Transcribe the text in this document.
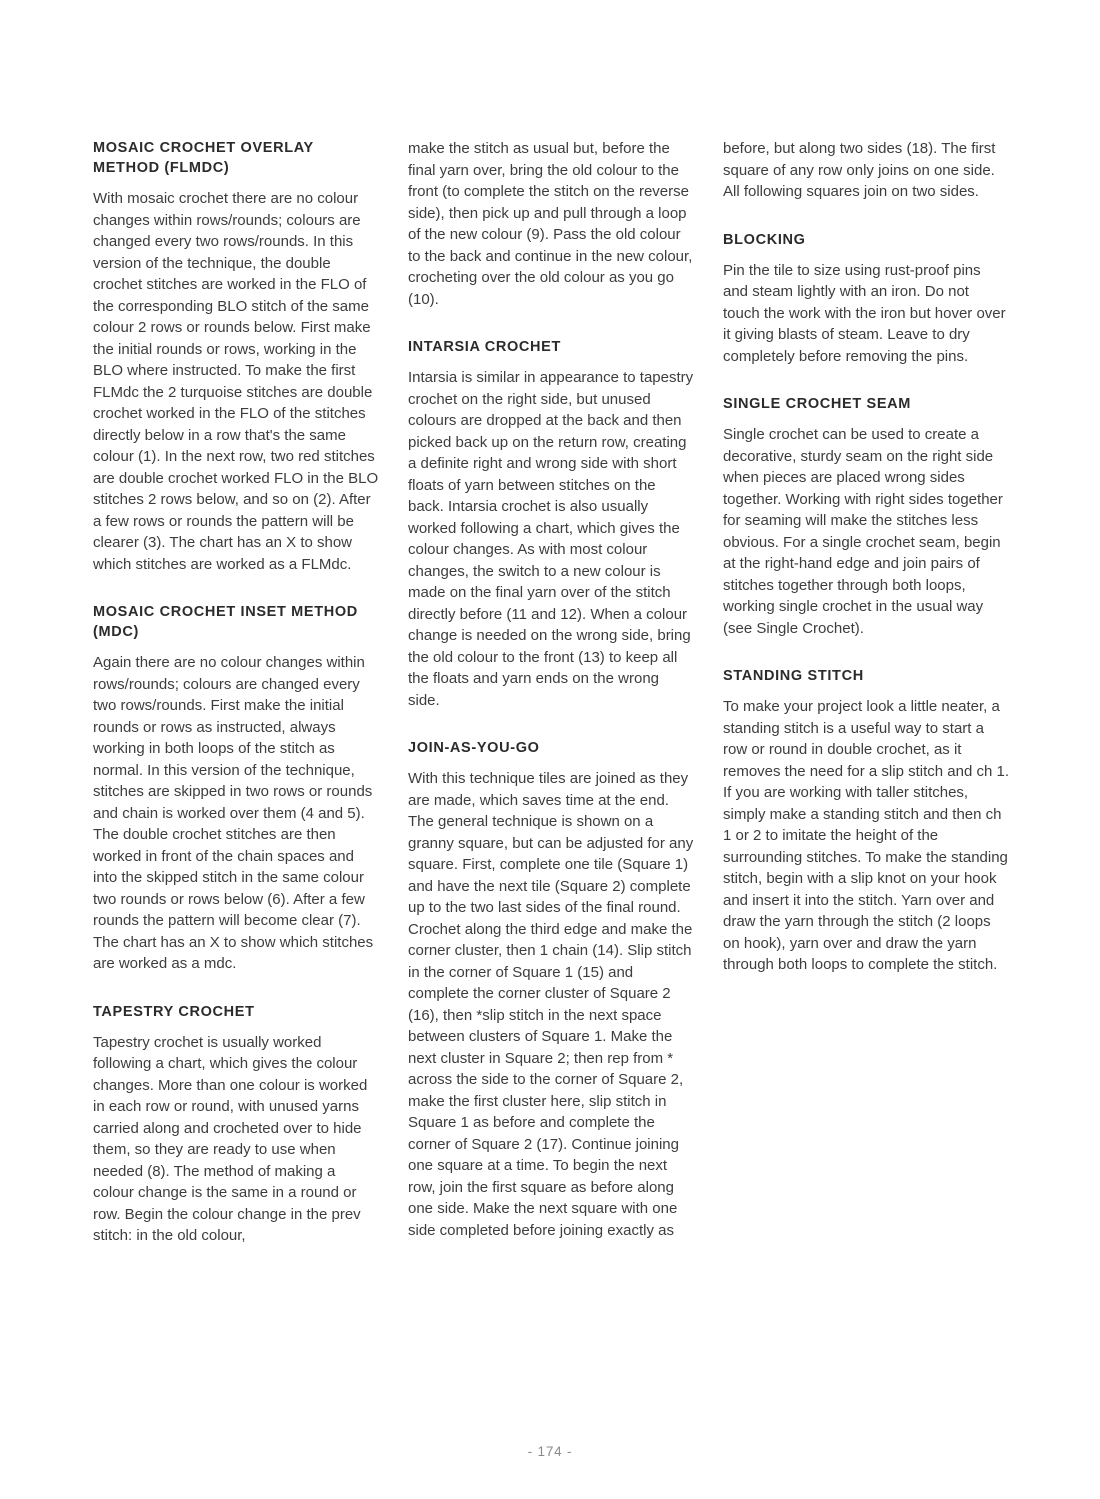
MOSAIC CROCHET OVERLAY METHOD (FLMDC)

With mosaic crochet there are no colour changes within rows/rounds; colours are changed every two rows/rounds. In this version of the technique, the double crochet stitches are worked in the FLO of the corresponding BLO stitch of the same colour 2 rows or rounds below. First make the initial rounds or rows, working in the BLO where instructed. To make the first FLMdc the 2 turquoise stitches are double crochet worked in the FLO of the stitches directly below in a row that's the same colour (1). In the next row, two red stitches are double crochet worked FLO in the BLO stitches 2 rows below, and so on (2). After a few rows or rounds the pattern will be clearer (3). The chart has an X to show which stitches are worked as a FLMdc.

MOSAIC CROCHET INSET METHOD (MDC)

Again there are no colour changes within rows/rounds; colours are changed every two rows/rounds. First make the initial rounds or rows as instructed, always working in both loops of the stitch as normal. In this version of the technique, stitches are skipped in two rows or rounds and chain is worked over them (4 and 5). The double crochet stitches are then worked in front of the chain spaces and into the skipped stitch in the same colour two rounds or rows below (6). After a few rounds the pattern will become clear (7). The chart has an X to show which stitches are worked as a mdc.

TAPESTRY CROCHET

Tapestry crochet is usually worked following a chart, which gives the colour changes. More than one colour is worked in each row or round, with unused yarns carried along and crocheted over to hide them, so they are ready to use when needed (8). The method of making a colour change is the same in a round or row. Begin the colour change in the prev stitch: in the old colour,

make the stitch as usual but, before the final yarn over, bring the old colour to the front (to complete the stitch on the reverse side), then pick up and pull through a loop of the new colour (9). Pass the old colour to the back and continue in the new colour, crocheting over the old colour as you go (10).

INTARSIA CROCHET

Intarsia is similar in appearance to tapestry crochet on the right side, but unused colours are dropped at the back and then picked back up on the return row, creating a definite right and wrong side with short floats of yarn between stitches on the back. Intarsia crochet is also usually worked following a chart, which gives the colour changes. As with most colour changes, the switch to a new colour is made on the final yarn over of the stitch directly before (11 and 12). When a colour change is needed on the wrong side, bring the old colour to the front (13) to keep all the floats and yarn ends on the wrong side.

JOIN-AS-YOU-GO

With this technique tiles are joined as they are made, which saves time at the end. The general technique is shown on a granny square, but can be adjusted for any square. First, complete one tile (Square 1) and have the next tile (Square 2) complete up to the two last sides of the final round. Crochet along the third edge and make the corner cluster, then 1 chain (14). Slip stitch in the corner of Square 1 (15) and complete the corner cluster of Square 2 (16), then *slip stitch in the next space between clusters of Square 1. Make the next cluster in Square 2; then rep from * across the side to the corner of Square 2, make the first cluster here, slip stitch in Square 1 as before and complete the corner of Square 2 (17). Continue joining one square at a time. To begin the next row, join the first square as before along one side. Make the next square with one side completed before joining exactly as

before, but along two sides (18). The first square of any row only joins on one side. All following squares join on two sides.

BLOCKING

Pin the tile to size using rust-proof pins and steam lightly with an iron. Do not touch the work with the iron but hover over it giving blasts of steam. Leave to dry completely before removing the pins.

SINGLE CROCHET SEAM

Single crochet can be used to create a decorative, sturdy seam on the right side when pieces are placed wrong sides together. Working with right sides together for seaming will make the stitches less obvious. For a single crochet seam, begin at the right-hand edge and join pairs of stitches together through both loops, working single crochet in the usual way (see Single Crochet).

STANDING STITCH

To make your project look a little neater, a standing stitch is a useful way to start a row or round in double crochet, as it removes the need for a slip stitch and ch 1. If you are working with taller stitches, simply make a standing stitch and then ch 1 or 2 to imitate the height of the surrounding stitches. To make the standing stitch, begin with a slip knot on your hook and insert it into the stitch. Yarn over and draw the yarn through the stitch (2 loops on hook), yarn over and draw the yarn through both loops to complete the stitch.

- 174 -
